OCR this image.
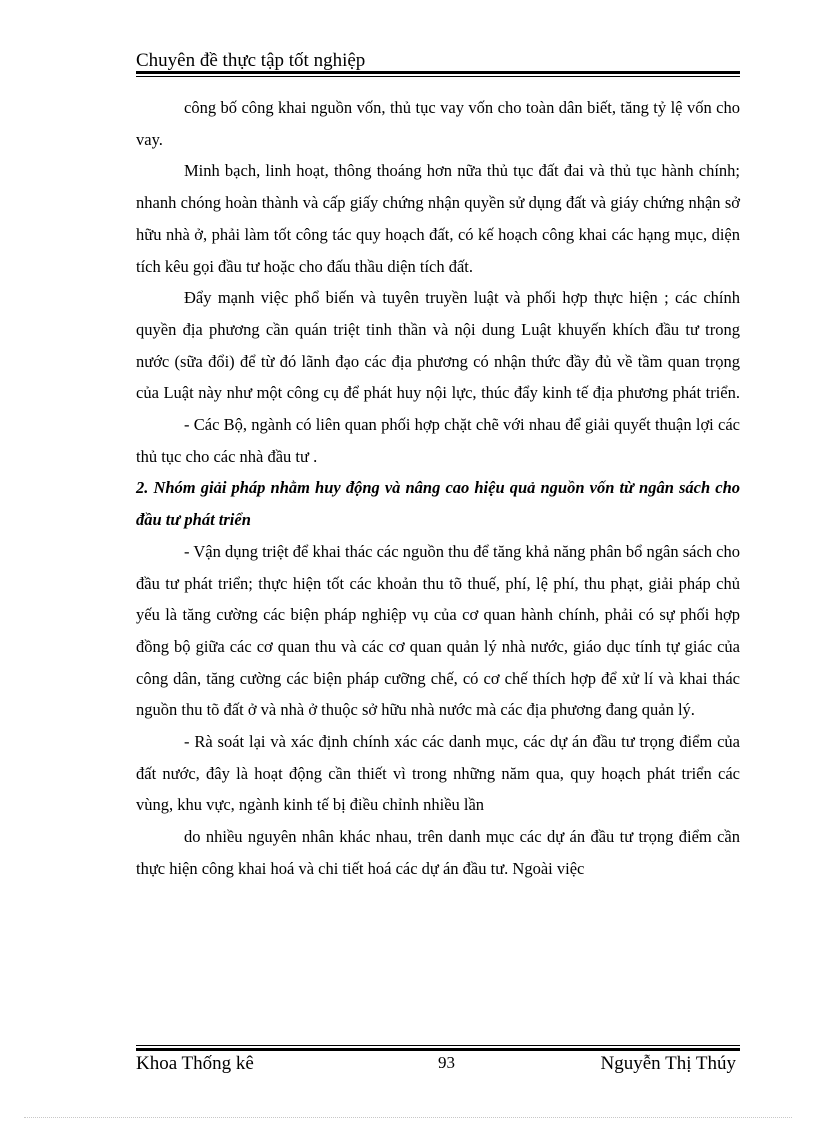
Chuyên đề thực tập tốt nghiệp

công bố công khai nguồn vốn, thủ tục vay vốn cho toàn dân biết, tăng tỷ lệ vốn cho vay.

Minh bạch, linh hoạt, thông thoáng hơn nữa thủ tục đất đai và thủ tục hành chính; nhanh chóng hoàn thành và cấp giấy chứng nhận quyền sử dụng đất và giáy chứng nhận sở hữu nhà ở, phải làm tốt công tác quy hoạch đất, có kế hoạch công khai các hạng mục, diện tích kêu gọi đầu tư hoặc cho đấu thầu diện tích đất.

Đẩy mạnh việc phổ biến và tuyên truyền luật và phối hợp thực hiện ; các chính quyền địa phương cần quán triệt tinh thần và nội dung Luật khuyến khích đầu tư trong nước (sữa đổi) để từ đó lãnh đạo các địa phương có nhận thức đầy đủ về tầm quan trọng của Luật này như một công cụ để phát huy nội lực, thúc đẩy kinh tế địa phương phát triển.

- Các Bộ, ngành có liên quan phối hợp chặt chẽ với nhau để giải quyết thuận lợi các thủ tục cho các nhà đầu tư .

2. Nhóm giải pháp nhằm huy động và nâng cao hiệu quả nguồn vốn từ ngân sách cho đầu tư phát triển

- Vận dụng triệt để khai thác các nguồn thu để tăng khả năng phân bổ ngân sách cho đầu tư phát triển; thực hiện tốt các khoản thu tõ thuế, phí, lệ phí, thu phạt, giải pháp chủ yếu là tăng cường các biện pháp nghiệp vụ của cơ quan hành chính, phải có sự phối hợp đồng bộ giữa các cơ quan thu và các cơ quan quản lý nhà nước, giáo dục tính tự giác của công dân, tăng cường các biện pháp cưỡng chế, có cơ chế thích hợp để xử lí và khai thác nguồn thu tõ đất ở và nhà ở thuộc sở hữu nhà nước mà các địa phương đang quản lý.

- Rà soát lại và xác định chính xác các danh mục, các dự án đầu tư trọng điểm của đất nước, đây là hoạt động cần thiết vì trong những năm qua, quy hoạch phát triển các vùng, khu vực, ngành kinh tế bị điều chỉnh nhiều lần

do nhiều nguyên nhân khác nhau, trên danh mục các dự án đầu tư trọng điểm cần thực hiện công khai hoá và chi tiết hoá các dự án đầu tư. Ngoài việc

Khoa Thống kê	93	Nguyễn Thị Thúy
